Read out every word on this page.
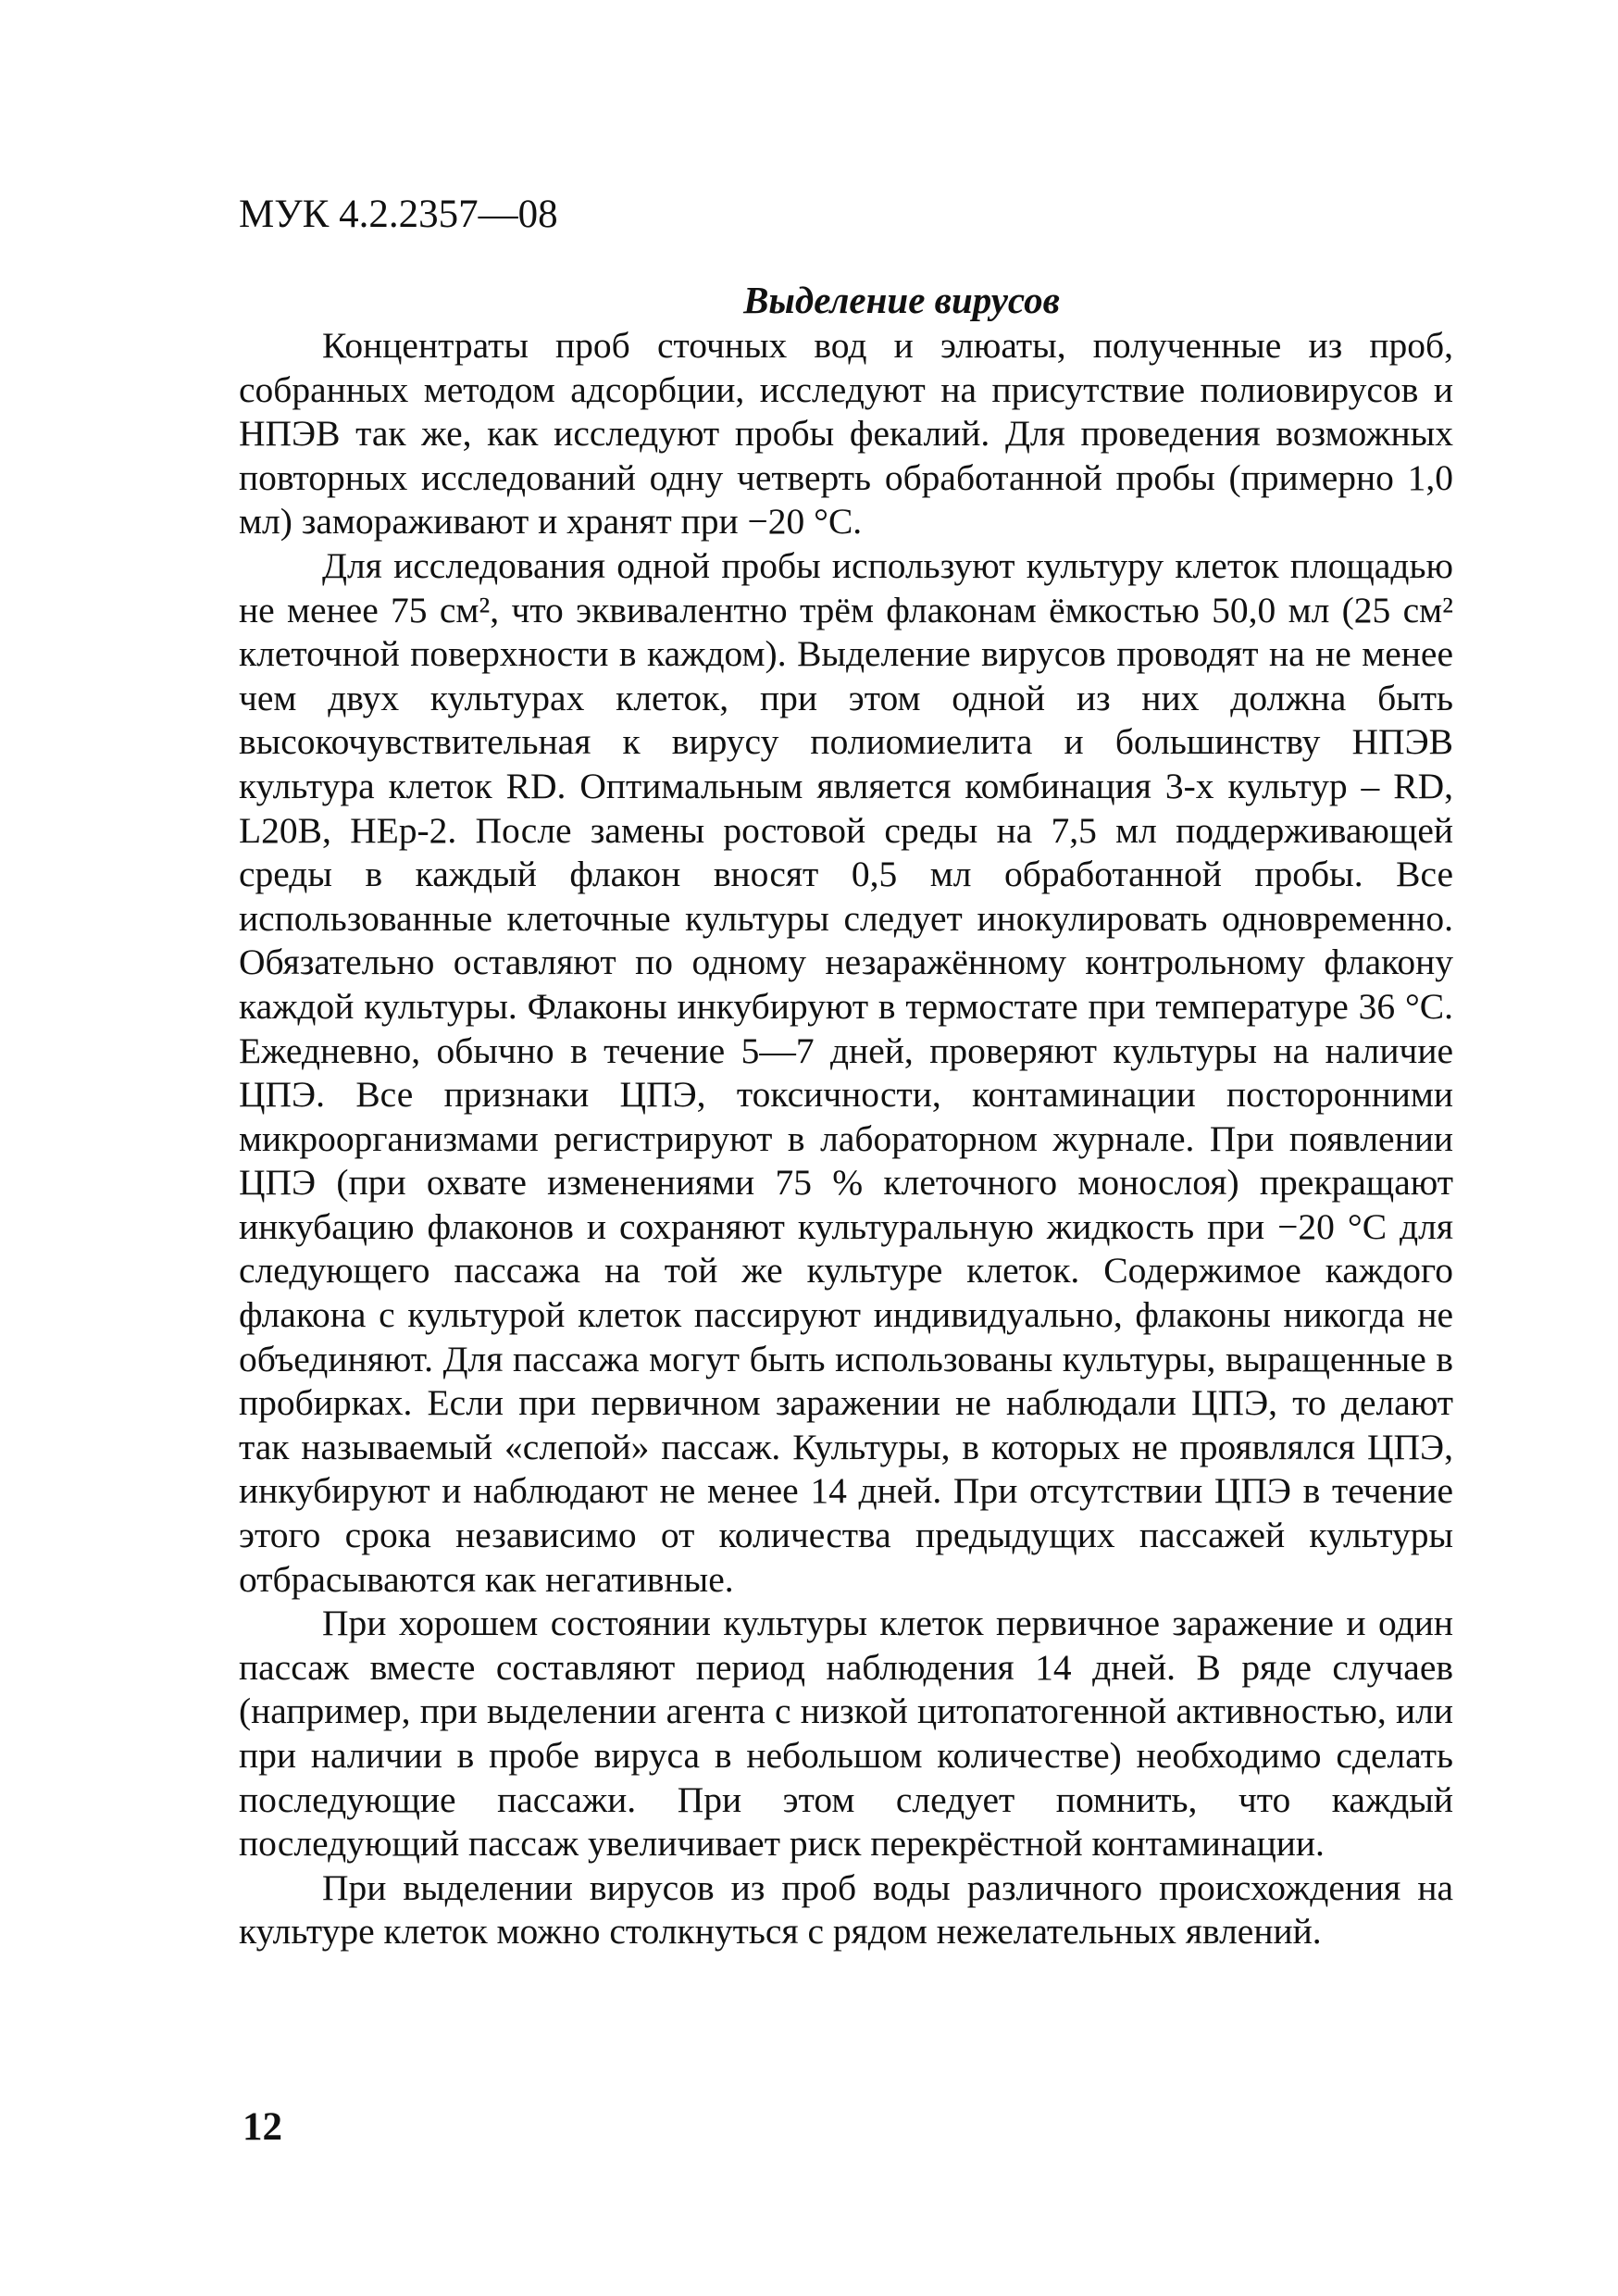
МУК 4.2.2357—08
Выделение вирусов

Концентраты проб сточных вод и элюаты, полученные из проб, собранных методом адсорбции, исследуют на присутствие полиовирусов и НПЭВ так же, как исследуют пробы фекалий. Для проведения возможных повторных исследований одну четверть обработанной пробы (примерно 1,0 мл) замораживают и хранят при −20 °С.

Для исследования одной пробы используют культуру клеток площадью не менее 75 см², что эквивалентно трём флаконам ёмкостью 50,0 мл (25 см² клеточной поверхности в каждом). Выделение вирусов проводят на не менее чем двух культурах клеток, при этом одной из них должна быть высокочувствительная к вирусу полиомиелита и большинству НПЭВ культура клеток RD. Оптимальным является комбинация 3-х культур – RD, L20B, HEp-2. После замены ростовой среды на 7,5 мл поддерживающей среды в каждый флакон вносят 0,5 мл обработанной пробы. Все использованные клеточные культуры следует инокулировать одновременно. Обязательно оставляют по одному незаражённому контрольному флакону каждой культуры. Флаконы инкубируют в термостате при температуре 36 °С. Ежедневно, обычно в течение 5—7 дней, проверяют культуры на наличие ЦПЭ. Все признаки ЦПЭ, токсичности, контаминации посторонними микроорганизмами регистрируют в лабораторном журнале. При появлении ЦПЭ (при охвате изменениями 75 % клеточного монослоя) прекращают инкубацию флаконов и сохраняют культуральную жидкость при −20 °С для следующего пассажа на той же культуре клеток. Содержимое каждого флакона с культурой клеток пассируют индивидуально, флаконы никогда не объединяют. Для пассажа могут быть использованы культуры, выращенные в пробирках. Если при первичном заражении не наблюдали ЦПЭ, то делают так называемый «слепой» пассаж. Культуры, в которых не проявлялся ЦПЭ, инкубируют и наблюдают не менее 14 дней. При отсутствии ЦПЭ в течение этого срока независимо от количества предыдущих пассажей культуры отбрасываются как негативные.

При хорошем состоянии культуры клеток первичное заражение и один пассаж вместе составляют период наблюдения 14 дней. В ряде случаев (например, при выделении агента с низкой цитопатогенной активностью, или при наличии в пробе вируса в небольшом количестве) необходимо сделать последующие пассажи. При этом следует помнить, что каждый последующий пассаж увеличивает риск перекрёстной контаминации.

При выделении вирусов из проб воды различного происхождения на культуре клеток можно столкнуться с рядом нежелательных явлений.

12
